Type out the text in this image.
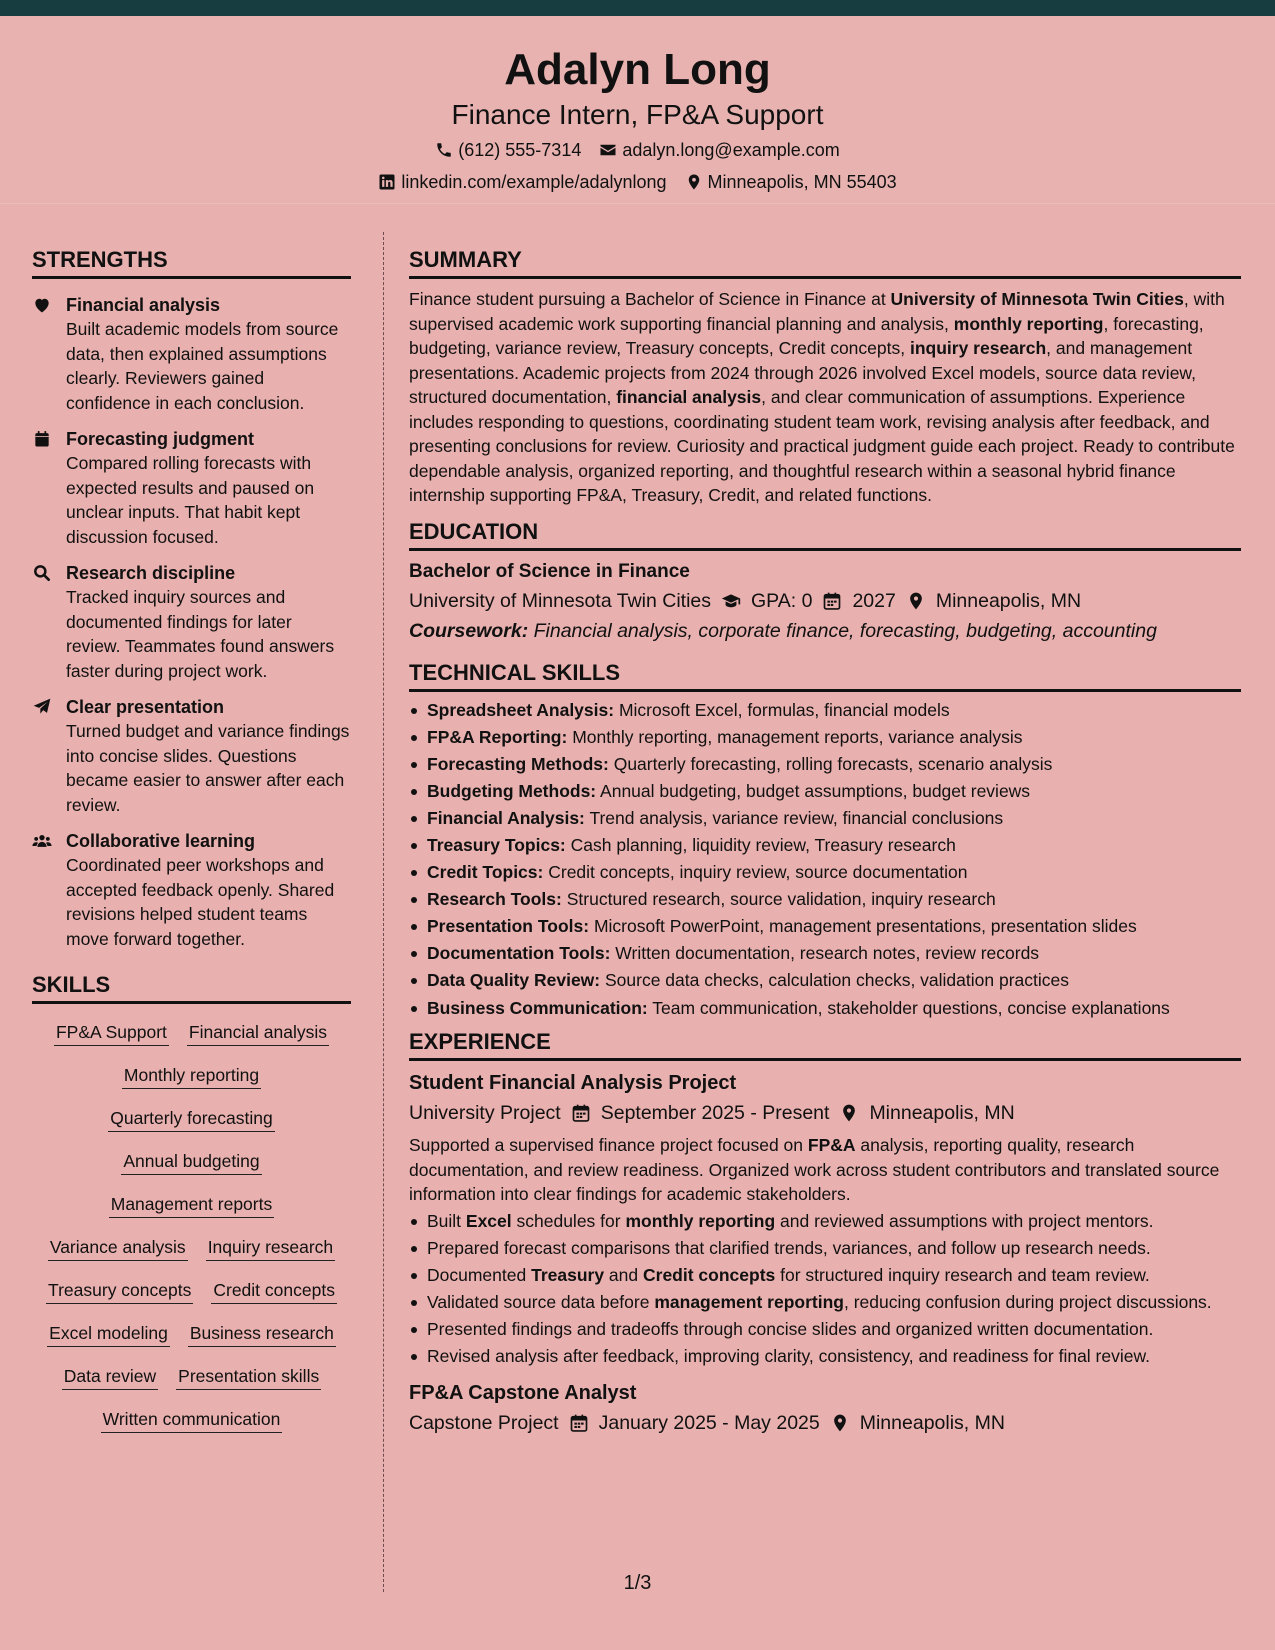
Adalyn Long
Finance Intern, FP&A Support
(612) 555-7314 adalyn.long@example.com
linkedin.com/example/adalynlong Minneapolis, MN 55403
STRENGTHS
Financial analysis
Built academic models from source data, then explained assumptions clearly. Reviewers gained confidence in each conclusion.
Forecasting judgment
Compared rolling forecasts with expected results and paused on unclear inputs. That habit kept discussion focused.
Research discipline
Tracked inquiry sources and documented findings for later review. Teammates found answers faster during project work.
Clear presentation
Turned budget and variance findings into concise slides. Questions became easier to answer after each review.
Collaborative learning
Coordinated peer workshops and accepted feedback openly. Shared revisions helped student teams move forward together.
SKILLS
FP&A Support Financial analysis
Monthly reporting
Quarterly forecasting
Annual budgeting
Management reports
Variance analysis Inquiry research
Treasury concepts Credit concepts
Excel modeling Business research
Data review Presentation skills
Written communication
SUMMARY

Finance student pursuing a Bachelor of Science in Finance at University of Minnesota Twin Cities, with supervised academic work supporting financial planning and analysis, monthly reporting, forecasting, budgeting, variance review, Treasury concepts, Credit concepts, inquiry research, and management presentations. Academic projects from 2024 through 2026 involved Excel models, source data review, structured documentation, financial analysis, and clear communication of assumptions. Experience includes responding to questions, coordinating student team work, revising analysis after feedback, and presenting conclusions for review. Curiosity and practical judgment guide each project. Ready to contribute dependable analysis, organized reporting, and thoughtful research within a seasonal hybrid finance internship supporting FP&A, Treasury, Credit, and related functions.

EDUCATION
Bachelor of Science in Finance
University of Minnesota Twin Cities GPA: 0 2027 Minneapolis, MN
Coursework: Financial analysis, corporate finance, forecasting, budgeting, accounting
TECHNICAL SKILLS
Spreadsheet Analysis: Microsoft Excel, formulas, financial models
FP&A Reporting: Monthly reporting, management reports, variance analysis
Forecasting Methods: Quarterly forecasting, rolling forecasts, scenario analysis
Budgeting Methods: Annual budgeting, budget assumptions, budget reviews
Financial Analysis: Trend analysis, variance review, financial conclusions
Treasury Topics: Cash planning, liquidity review, Treasury research
Credit Topics: Credit concepts, inquiry review, source documentation
Research Tools: Structured research, source validation, inquiry research
Presentation Tools: Microsoft PowerPoint, management presentations, presentation slides
Documentation Tools: Written documentation, research notes, review records
Data Quality Review: Source data checks, calculation checks, validation practices
Business Communication: Team communication, stakeholder questions, concise explanations
EXPERIENCE
Student Financial Analysis Project
University Project September 2025 - Present Minneapolis, MN

Supported a supervised finance project focused on FP&A analysis, reporting quality, research documentation, and review readiness. Organized work across student contributors and translated source information into clear findings for academic stakeholders.

Built Excel schedules for monthly reporting and reviewed assumptions with project mentors.
Prepared forecast comparisons that clarified trends, variances, and follow up research needs.
Documented Treasury and Credit concepts for structured inquiry research and team review.
Validated source data before management reporting, reducing confusion during project discussions.
Presented findings and tradeoffs through concise slides and organized written documentation.
Revised analysis after feedback, improving clarity, consistency, and readiness for final review.
FP&A Capstone Analyst
Capstone Project January 2025 - May 2025 Minneapolis, MN
1/3
